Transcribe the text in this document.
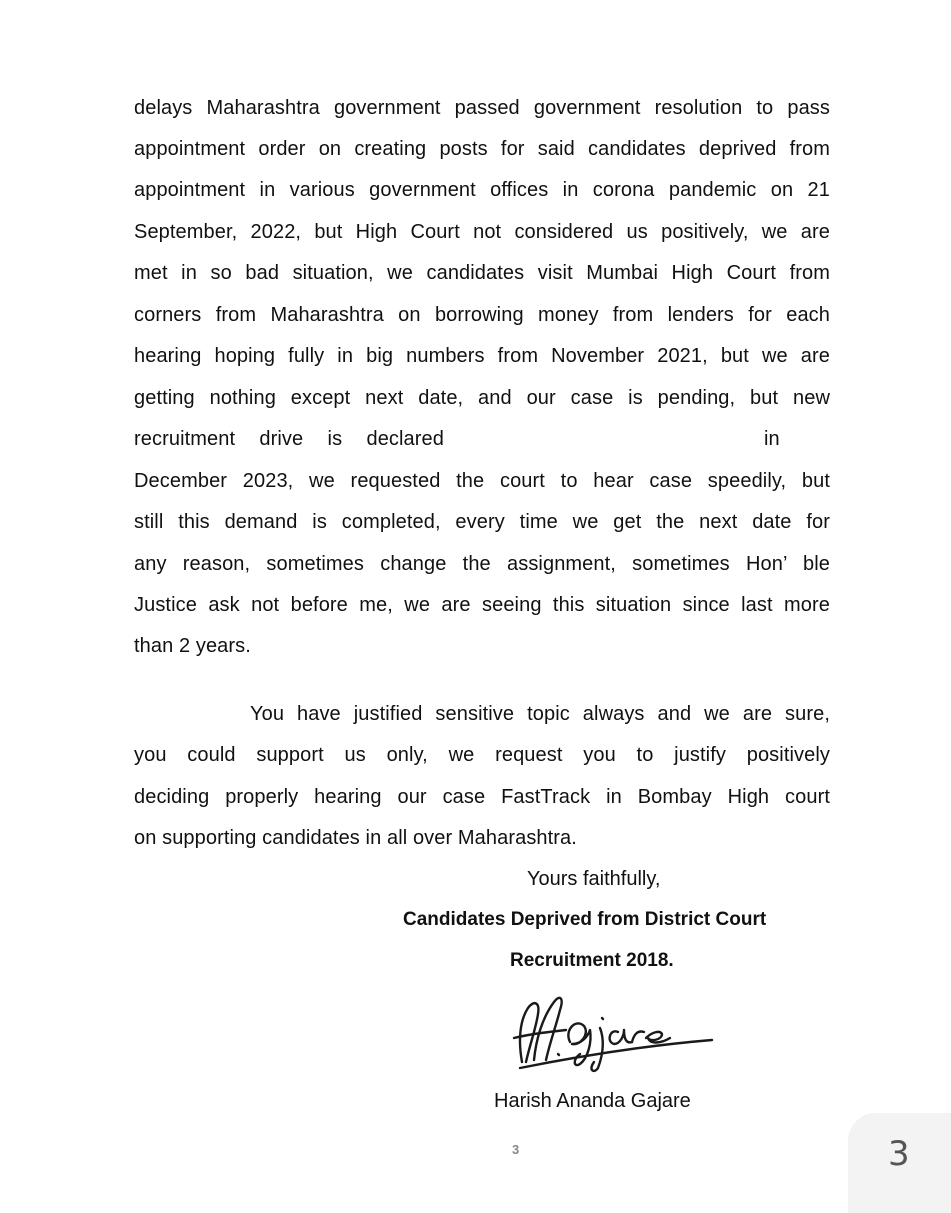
delays Maharashtra government passed government resolution to pass
appointment order on creating posts for said candidates deprived from
appointment in various government offices in corona pandemic on 21
September, 2022, but High Court not considered us positively, we are
met in so bad situation, we candidates visit Mumbai High Court from
corners from Maharashtra on borrowing money from lenders for each
hearing hoping fully in big numbers from November 2021, but we are
getting nothing except next date, and our case is pending, but new
recruitment drive is declared	in
December 2023, we requested the court to hear case speedily, but
still this demand is completed, every time we get the next date for
any reason, sometimes change the assignment, sometimes Hon’ ble
Justice ask not before me, we are seeing this situation since last more
than 2 years.
You have justified sensitive topic always and we are sure,
you could support us only, we request you to justify positively
deciding properly hearing our case FastTrack in Bombay High court
on supporting candidates in all over Maharashtra.
Yours faithfully,
Candidates Deprived from District Court
Recruitment 2018.
Harish Ananda Gajare
3	3
